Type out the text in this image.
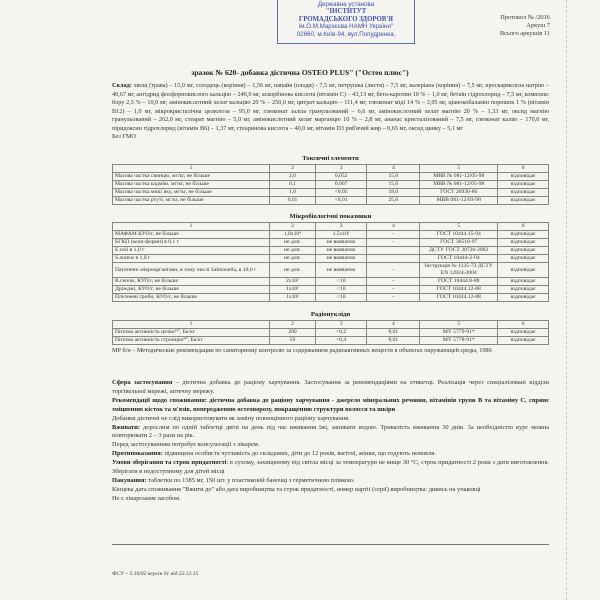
Державна установа
"ІНСТИТУТ
ГРОМАДСЬКОГО ЗДОРОВ'Я
ім.О.М.Марзєєва НАМН України"
02660, м.Київ-94, вул.Попудренка,
Протокол № /2016
Аркуш 7
Всього аркушів 11
зразок № 620- добавка дієтична OSTEO PLUS" ("Остео плюс")
Склад: хвощ (трава) – 15,0 мг, солодець (коріння) – 1,56 мг, папайя (плоди) - 7,5 мг, петрушка (листя) – 7,5 мг, валеріана (коріння) – 7,5 мг, кроскармелоза натрію – 40,67 мг, ангідрид фосфорнокислого кальцію – 240,0 мг, аскорбінова кислота (вітамін С) – 43,13 мг, бета-каротин 10 % – 1,0 мг, бетаїн гідрохлорид – 7,5 мг, комплекс бору 2,5 % – 10,0 мг, амінокислотний хелат кальцію 20 % – 250,0 мг, цитрат кальцію – 111,4 мг, глюконат міді 14 % – 3,95 мг, ціанокобаламін порошок 1 % (вітамін B12) – 1,0 мг, мікрокристалічна целюлоза – 95,0 мг, глюконат заліза гранульований – 6,6 мг, амінокислотний хелат магнію 20 % – 1,33 мг, оксид магнію гранульований – 262,0 мг, стеарат магнію – 5,0 мг, амінокислотний хелат марганцю 10 % – 2,8 мг, ананас кристалізований – 7,5 мг, глюконат калію – 170,0 мг, піридоксин гідрохлорид (вітамін B6) – 1,37 мг, стеаринова кислота – 40,0 мг, вітамін D3 риб'ячий жир – 0,65 мг, оксид цинку – 5,1 мг
Без ГМО
Токсичні елементи
1	2	3	4	5	6
Масова частка свинцю, мг/кг, не більше	2,0	0,052	15,0	МВВ № 081-12/05-98	відповідає
Масова частка кадмію, мг/кг, не більше	0,1	0,007	15,0	МВВ № 081-12/05-98	відповідає
Масова частка миш`яку, мг/кг, не більше	1,0	<0,05	18,0	ГОСТ 26930-86	відповідає
Масова частка ртуті, мг/кг, не більше	0,01	<0,01	25,0	МВВ 081-12/03-98	відповідає
Мікробіологічні показники
1	2	3	4	5	6
МАФАМ КУО/г, не більше	1,0x10⁴	1,5x10¹	-	ГОСТ 10444.15-94	відповідає
БГКП (коли-форми) в 0,1 г	не доп.	не виявлено	-	ГОСТ 30518-97	відповідає
E.coli в 1,0 г	не доп.	не виявлено		ДСТУ ГОСТ 30726-2002	відповідає
S.aureus в 1,0 г	не доп.	не виявлено		ГОСТ 10444-2-94	відповідає
Патогенні мікроорганізми, в тому числі Salmonella, в 10,0 г	не доп.	не виявлено	-	Інструкція № 1135-73 ДСТУ EN 12824-2004	відповідає
B.cereus, КУО/г, не більше	2x10²	<10	-	ГОСТ 10444.8-88	відповідає
Дріжджі, КУО/г, не більше	1x10²	<10	-	ГОСТ 10444.12-88	відповідає
Плісеневі гриби, КУО/г, не більше	1x10²	<10	-	ГОСТ 10444.12-88	відповідає
Радіонукліди
1	2	3	4	5	6
Питома активність цезію¹³⁷, Бк/кг	200	<0,2	0,01	МУ 5779-91*	відповідає
Питома активність стронцію⁹⁰, Бк/кг	50	<0,4	0,01	МУ 5778-91*	відповідає
МР б/н – Методические рекомендации по санитарному контролю за содержанием радиоактивных веществ в объектах окружающей среды, 1986

Сфера застосування – дієтична добавка до раціону харчування. Застосування за рекомендаціями на етикетці. Реалізація через спеціалізовані відділи торгівельної мережі, аптечну мережу.

Рекомендації щодо споживання: дієтична добавка до раціону харчування - джерело мінеральних речовин, вітамінів групи В та вітаміну С, сприяє зміцненню кісток та м'язів, попередженню остеопорозу, покращенню структури волосся та шкіри

Добанки дієтичні не слід використовувати як заміну повноцінного раціону харчування.

Вживати: дорослим по одній таблетці двічі на день під час вживання їжі, запивати водою. Тривалість вживання 30 днів. За необхідністю курс можна повторювати 2 – 3 рази на рік.

Перед застосуванням потребує консультації з лікарем.

Протипоказання: підвищена особиста чутливість до складових, діти до 12 років, вагітні, жінки, що годують немовля.

Умови зберігання та строк придатності: в сухому, захищеному від світла місці за температури не вище 30 °С, строк придатності 2 роки з дати виготовлення. Зберігати в недоступному для дітей місці

Пакування: таблетки по 1385 мг, 150 шт. у пластиковій баночці з герметичною плівкою.

Кінцева дата споживання "Вжити до" або дата виробництва та строк придатності, номер партії (серії) виробництва: дивись на упаковці

Не є лікарським засобом.

ФСУ – 5.10/02 версія 01 від 22.12.15
